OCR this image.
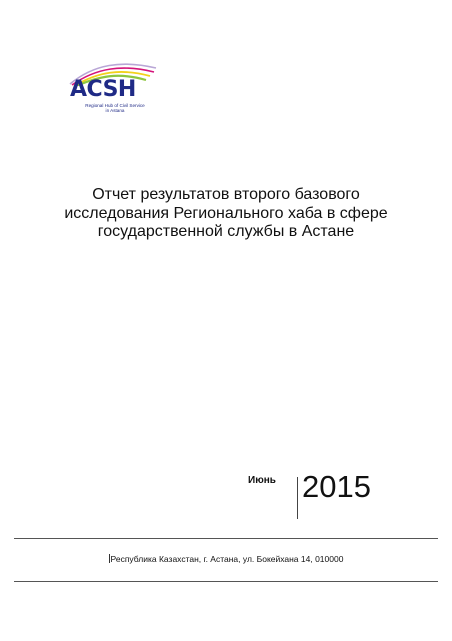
ACSH
Regional Hub of Civil Service
in Astana
Отчет результатов второго базового
исследования Регионального хаба в сфере
государственной службы в Астане
Июнь 2015
Республика Казахстан, г. Астана, ул. Бокейхана 14, 010000
